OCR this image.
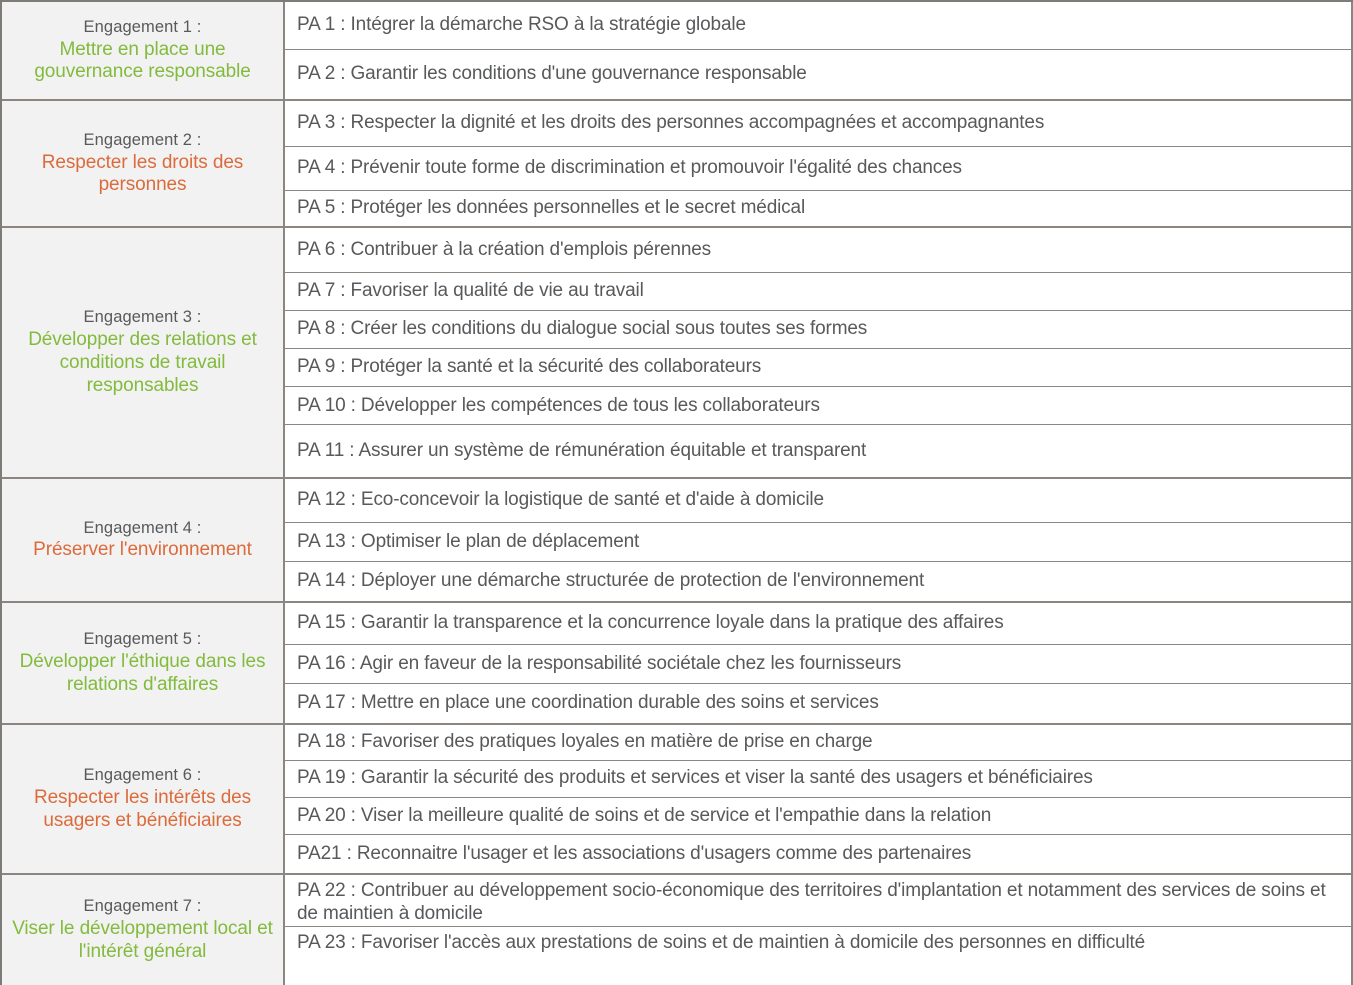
Engagement 1 :
Mettre en place une gouvernance responsable
PA 1 : Intégrer la démarche RSO à la stratégie globale
PA 2 : Garantir les conditions d'une gouvernance responsable
Engagement 2 :
Respecter les droits des personnes
PA 3 : Respecter la dignité et les droits des personnes accompagnées et accompagnantes
PA 4 : Prévenir toute forme de discrimination et promouvoir l'égalité des chances
PA 5 : Protéger les données personnelles et le secret médical
Engagement 3 :
Développer des relations et conditions de travail responsables
PA 6 : Contribuer à la création d'emplois pérennes
PA 7 : Favoriser la qualité de vie au travail
PA 8 : Créer les conditions du dialogue social sous toutes ses formes
PA 9 : Protéger la santé et la sécurité des collaborateurs
PA 10 : Développer les compétences de tous les collaborateurs
PA 11 : Assurer un système de rémunération équitable et transparent
Engagement 4 :
Préserver l'environnement
PA 12 : Eco-concevoir la logistique de santé et d'aide à domicile
PA 13 : Optimiser le plan de déplacement
PA 14 : Déployer une démarche structurée de protection de l'environnement
Engagement 5 :
Développer l'éthique dans les relations d'affaires
PA 15 : Garantir la transparence et la concurrence loyale dans la pratique des affaires
PA 16 : Agir en faveur de la responsabilité sociétale chez les fournisseurs
PA 17 : Mettre en place une coordination durable des soins et services
Engagement 6 :
Respecter les intérêts des usagers et bénéficiaires
PA 18 : Favoriser des pratiques loyales en matière de prise en charge
PA 19 : Garantir la sécurité des produits et services et viser la santé des usagers et bénéficiaires
PA 20 : Viser la meilleure qualité de soins et de service et l'empathie dans la relation
PA21 : Reconnaitre l'usager et les associations d'usagers comme des partenaires
Engagement 7 :
Viser le développement local et l'intérêt général
PA 22 : Contribuer au développement socio-économique des territoires d'implantation et notamment des services de soins et de maintien à domicile
PA 23 : Favoriser l'accès aux prestations de soins et de maintien à domicile des personnes en difficulté
